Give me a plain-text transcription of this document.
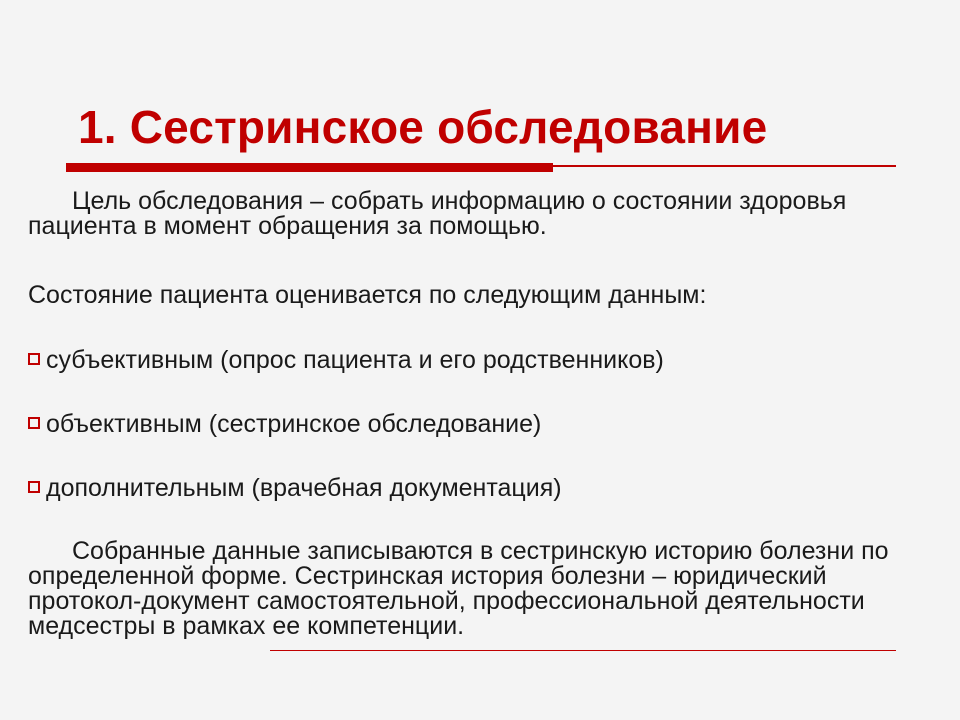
1. Сестринское обследование
Цель обследования – собрать информацию о состоянии здоровья пациента в момент обращения за помощью.
Состояние пациента оценивается по следующим данным:
субъективным (опрос пациента и его родственников)
объективным (сестринское обследование)
дополнительным (врачебная документация)
Собранные данные записываются в сестринскую историю болезни по определенной форме. Сестринская история болезни – юридический протокол-документ самостоятельной, профессиональной деятельности медсестры в рамках ее компетенции.
